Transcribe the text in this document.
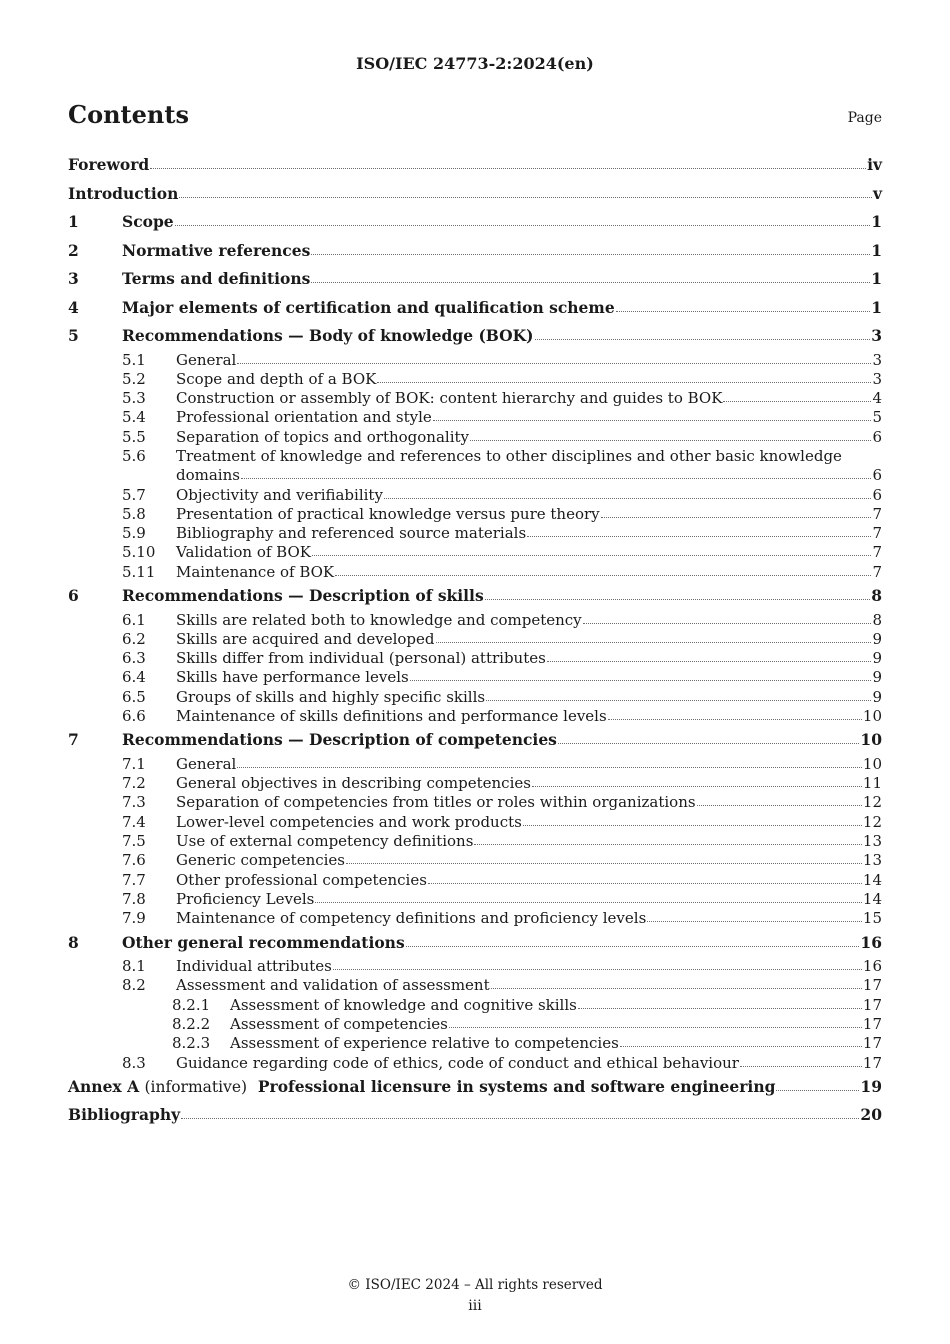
ISO/IEC 24773-2:2024(en)
Contents	Page
Foreword	iv
Introduction	v
1	Scope	1
2	Normative references	1
3	Terms and definitions	1
4	Major elements of certification and qualification scheme	1
5	Recommendations — Body of knowledge (BOK)	3
5.1	General	3
5.2	Scope and depth of a BOK	3
5.3	Construction or assembly of BOK: content hierarchy and guides to BOK	4
5.4	Professional orientation and style	5
5.5	Separation of topics and orthogonality	6
5.6 Treatment of knowledge and references to other disciplines and other basic knowledge
domains	6
5.7	Objectivity and verifiability	6
5.8	Presentation of practical knowledge versus pure theory	7
5.9	Bibliography and referenced source materials	7
5.10	Validation of BOK	7
5.11	Maintenance of BOK	7
6	Recommendations — Description of skills	8
6.1	Skills are related both to knowledge and competency	8
6.2	Skills are acquired and developed	9
6.3	Skills differ from individual (personal) attributes	9
6.4	Skills have performance levels	9
6.5	Groups of skills and highly specific skills	9
6.6	Maintenance of skills definitions and performance levels	10
7	Recommendations — Description of competencies	10
7.1	General	10
7.2	General objectives in describing competencies	11
7.3	Separation of competencies from titles or roles within organizations	12
7.4	Lower-level competencies and work products	12
7.5	Use of external competency definitions	13
7.6	Generic competencies	13
7.7	Other professional competencies	14
7.8	Proficiency Levels	14
7.9	Maintenance of competency definitions and proficiency levels	15
8	Other general recommendations	16
8.1	Individual attributes	16
8.2	Assessment and validation of assessment	17
8.2.1	Assessment of knowledge and cognitive skills	17
8.2.2	Assessment of competencies	17
8.2.3	Assessment of experience relative to competencies	17
8.3	Guidance regarding code of ethics, code of conduct and ethical behaviour	17
Annex A (informative) Professional licensure in systems and software engineering	19
Bibliography	20
© ISO/IEC 2024 – All rights reserved
iii
